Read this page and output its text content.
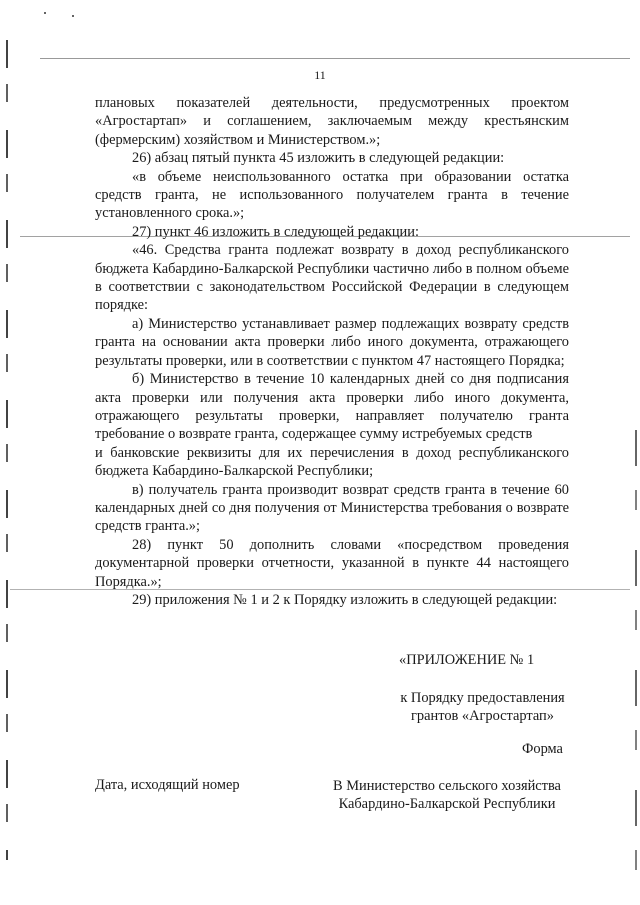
11

плановых показателей деятельности, предусмотренных проектом «Агростартап» и соглашением, заключаемым между крестьянским (фермерским) хозяйством и Министерством.»;

26) абзац пятый пункта 45 изложить в следующей редакции:

«в объеме неиспользованного остатка при образовании остатка средств гранта, не использованного получателем гранта в течение установленного срока.»;

27) пункт 46 изложить в следующей редакции:

«46. Средства гранта подлежат возврату в доход республиканского бюджета Кабардино-Балкарской Республики частично либо в полном объеме в соответствии с законодательством Российской Федерации в следующем порядке:

а) Министерство устанавливает размер подлежащих возврату средств гранта на основании акта проверки либо иного документа, отражающего результаты проверки, или в соответствии с пунктом 47 настоящего Порядка;

б) Министерство в течение 10 календарных дней со дня подписания акта проверки или получения акта проверки либо иного документа, отражающего результаты проверки, направляет получателю гранта требование о возврате гранта, содержащее сумму истребуемых средств

и банковские реквизиты для их перечисления в доход республиканского бюджета Кабардино-Балкарской Республики;

в) получатель гранта производит возврат средств гранта в течение 60 календарных дней со дня получения от Министерства требования о возврате средств гранта.»;

28) пункт 50 дополнить словами «посредством проведения документарной проверки отчетности, указанной в пункте 44 настоящего Порядка.»;

29) приложения № 1 и 2 к Порядку изложить в следующей редакции:

«ПРИЛОЖЕНИЕ № 1
к Порядку предоставления
грантов «Агростартап»
Форма
Дата, исходящий номер	В Министерство сельского хозяйства
Кабардино-Балкарской Республики
